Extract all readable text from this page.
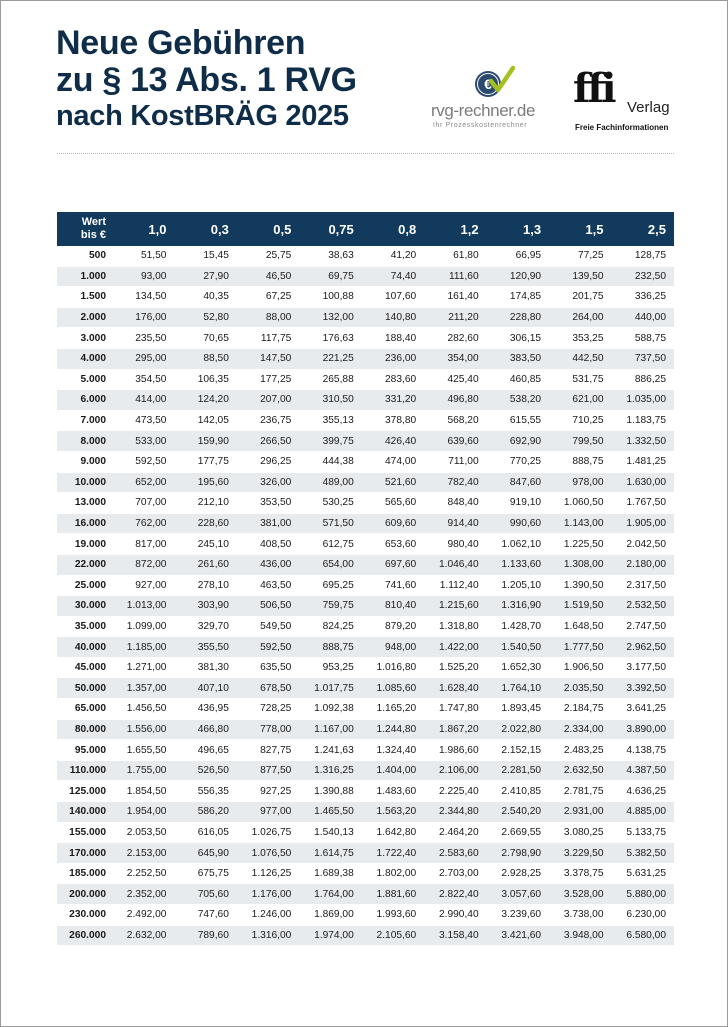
Neue Gebühren
zu § 13 Abs. 1 RVG
nach KostBRÄG 2025
€
rvg-rechner.de
Ihr Prozesskostenrechner
ffi Verlag
Freie Fachinformationen
Wert
bis €	1,0	0,3	0,5	0,75	0,8	1,2	1,3	1,5	2,5
500	51,50	15,45	25,75	38,63	41,20	61,80	66,95	77,25	128,75
1.000	93,00	27,90	46,50	69,75	74,40	111,60	120,90	139,50	232,50
1.500	134,50	40,35	67,25	100,88	107,60	161,40	174,85	201,75	336,25
2.000	176,00	52,80	88,00	132,00	140,80	211,20	228,80	264,00	440,00
3.000	235,50	70,65	117,75	176,63	188,40	282,60	306,15	353,25	588,75
4.000	295,00	88,50	147,50	221,25	236,00	354,00	383,50	442,50	737,50
5.000	354,50	106,35	177,25	265,88	283,60	425,40	460,85	531,75	886,25
6.000	414,00	124,20	207,00	310,50	331,20	496,80	538,20	621,00	1.035,00
7.000	473,50	142,05	236,75	355,13	378,80	568,20	615,55	710,25	1.183,75
8.000	533,00	159,90	266,50	399,75	426,40	639,60	692,90	799,50	1.332,50
9.000	592,50	177,75	296,25	444,38	474,00	711,00	770,25	888,75	1.481,25
10.000	652,00	195,60	326,00	489,00	521,60	782,40	847,60	978,00	1.630,00
13.000	707,00	212,10	353,50	530,25	565,60	848,40	919,10	1.060,50	1.767,50
16.000	762,00	228,60	381,00	571,50	609,60	914,40	990,60	1.143,00	1.905,00
19.000	817,00	245,10	408,50	612,75	653,60	980,40	1.062,10	1.225,50	2.042,50
22.000	872,00	261,60	436,00	654,00	697,60	1.046,40	1.133,60	1.308,00	2.180,00
25.000	927,00	278,10	463,50	695,25	741,60	1.112,40	1.205,10	1.390,50	2.317,50
30.000	1.013,00	303,90	506,50	759,75	810,40	1.215,60	1.316,90	1.519,50	2.532,50
35.000	1.099,00	329,70	549,50	824,25	879,20	1.318,80	1.428,70	1.648,50	2.747,50
40.000	1.185,00	355,50	592,50	888,75	948,00	1.422,00	1.540,50	1.777,50	2.962,50
45.000	1.271,00	381,30	635,50	953,25	1.016,80	1.525,20	1.652,30	1.906,50	3.177,50
50.000	1.357,00	407,10	678,50	1.017,75	1.085,60	1.628,40	1.764,10	2.035,50	3.392,50
65.000	1.456,50	436,95	728,25	1.092,38	1.165,20	1.747,80	1.893,45	2.184,75	3.641,25
80.000	1.556,00	466,80	778,00	1.167,00	1.244,80	1.867,20	2.022,80	2.334,00	3.890,00
95.000	1.655,50	496,65	827,75	1.241,63	1.324,40	1.986,60	2.152,15	2.483,25	4.138,75
110.000	1.755,00	526,50	877,50	1.316,25	1.404,00	2.106,00	2.281,50	2.632,50	4.387,50
125.000	1.854,50	556,35	927,25	1.390,88	1.483,60	2.225,40	2.410,85	2.781,75	4.636,25
140.000	1.954,00	586,20	977,00	1.465,50	1.563,20	2.344,80	2.540,20	2.931,00	4.885,00
155.000	2.053,50	616,05	1.026,75	1.540,13	1.642,80	2.464,20	2.669,55	3.080,25	5.133,75
170.000	2.153,00	645,90	1.076,50	1.614,75	1.722,40	2.583,60	2.798,90	3.229,50	5.382,50
185.000	2.252,50	675,75	1.126,25	1.689,38	1.802,00	2.703,00	2.928,25	3.378,75	5.631,25
200.000	2.352,00	705,60	1.176,00	1.764,00	1.881,60	2.822,40	3.057,60	3.528,00	5.880,00
230.000	2.492,00	747,60	1.246,00	1.869,00	1.993,60	2.990,40	3.239,60	3.738,00	6.230,00
260.000	2.632,00	789,60	1.316,00	1.974,00	2.105,60	3.158,40	3.421,60	3.948,00	6.580,00
